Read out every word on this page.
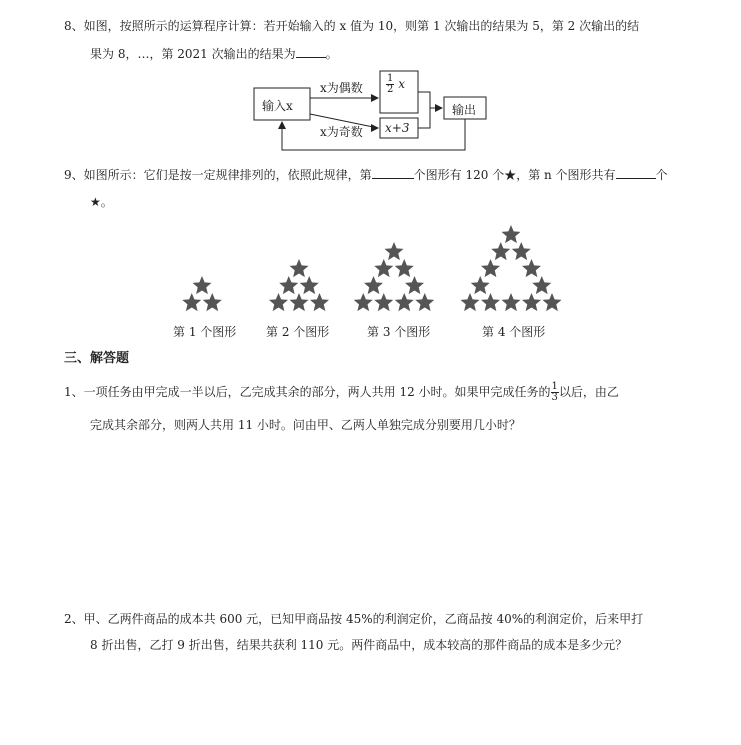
8、如图，按照所示的运算程序计算：若开始输入的 x 值为 10，则第 1 次输出的结果为 5，第 2 次输出的结
果为 8，…，第 2021 次输出的结果为	。
输入x
x为偶数
x为奇数
$\frac{1}{2}$ x
x+3
输出
9、如图所示：它们是按一定规律排列的，依照此规律，第	个图形有 120 个★，第 n 个图形共有	个
★。
第 1 个图形 第 2 个图形	第 3 个图形	第 4 个图形
三、解答题
1、一项任务由甲完成一半以后，乙完成其余的部分，两人共用 12 小时。如果甲完成任务的 $\frac{1}{3}$ 以后，由乙
完成其余部分，则两人共用 11 小时。问由甲、乙两人单独完成分别要用几小时？
2、甲、乙两件商品的成本共 600 元，已知甲商品按 45%的利润定价，乙商品按 40%的利润定价，后来甲打
8 折出售，乙打 9 折出售，结果共获利 110 元。两件商品中，成本较高的那件商品的成本是多少元？
